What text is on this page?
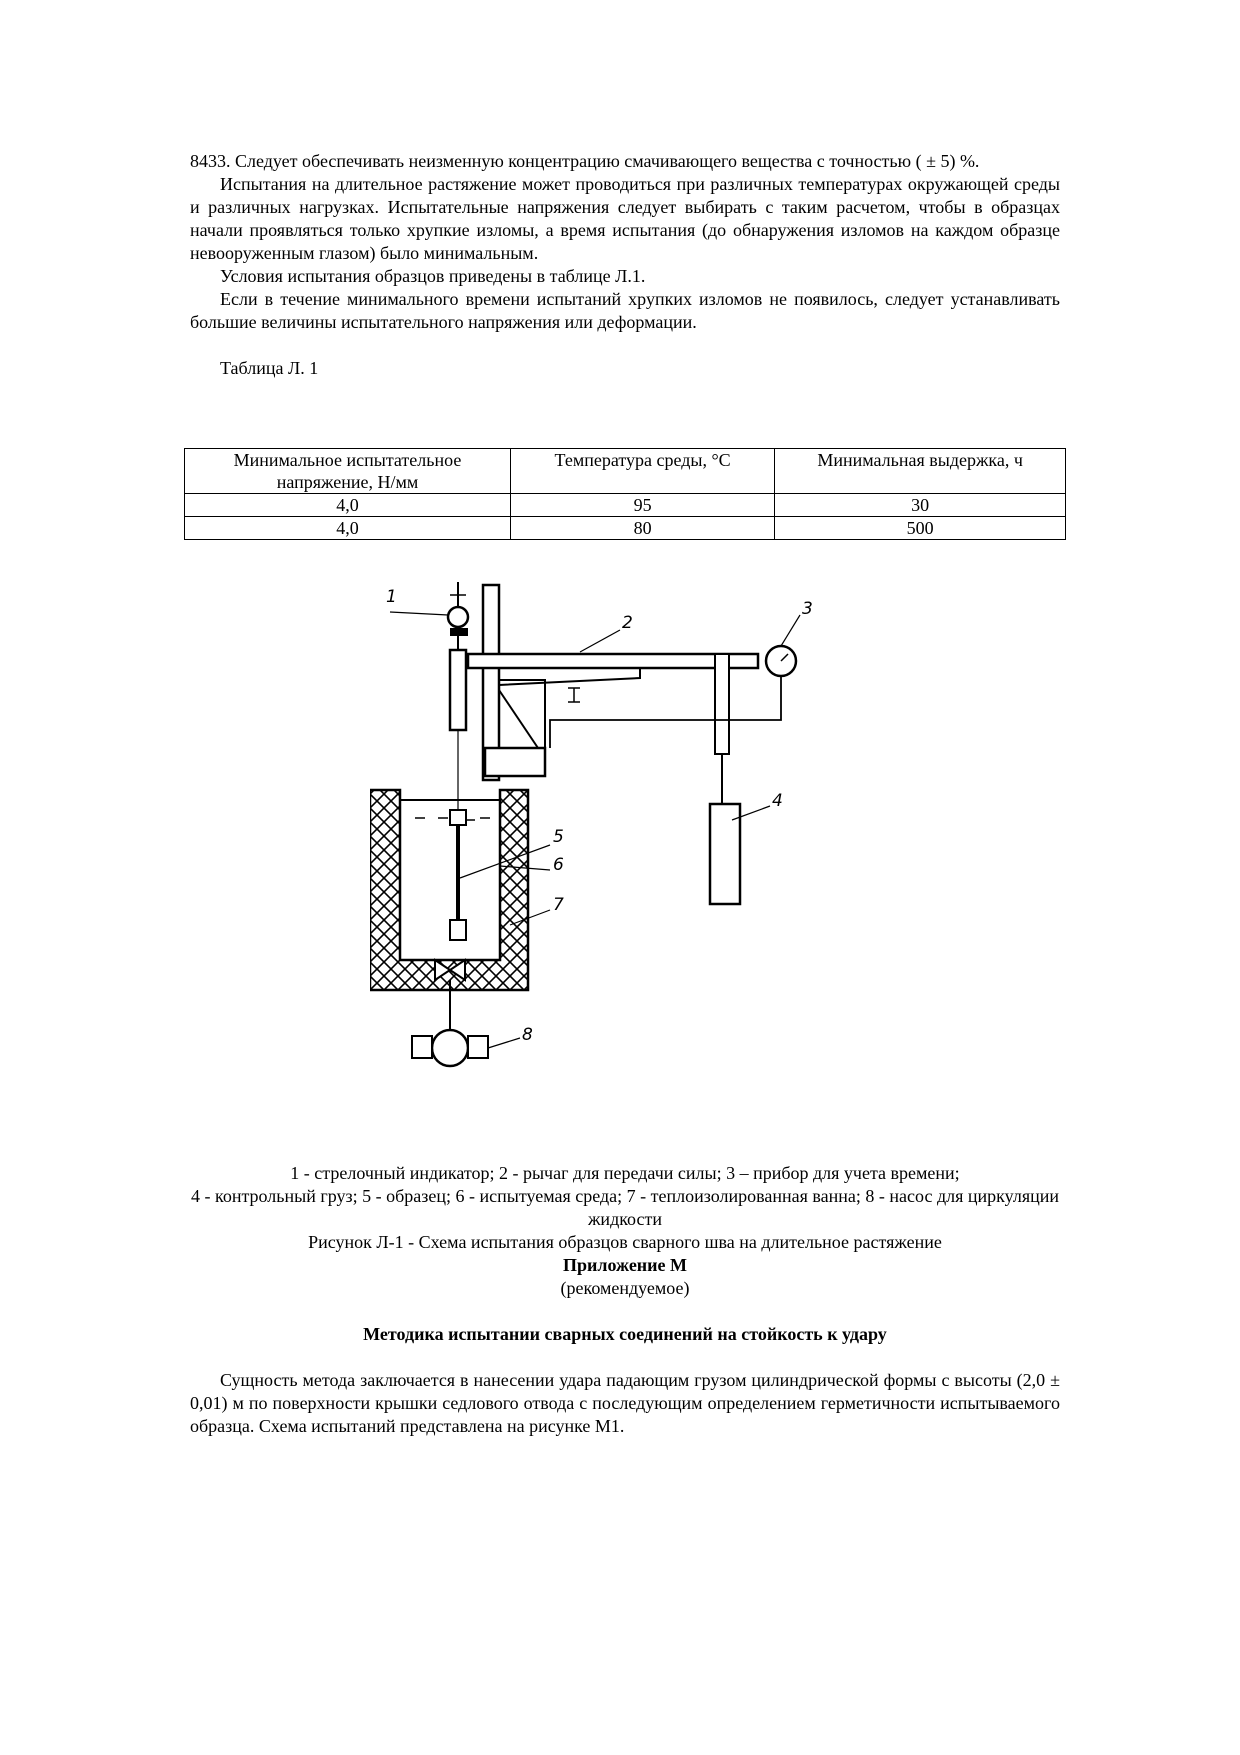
8433. Следует обеспечивать неизменную концентрацию смачивающего вещества с точностью ( ± 5) %.

Испытания на длительное растяжение может проводиться при различных температурах окружающей среды и различных нагрузках. Испытательные напряжения следует выбирать с таким расчетом, чтобы в образцах начали проявляться только хрупкие изломы, а время испытания (до обнаружения изломов на каждом образце невооруженным глазом) было минимальным.

Условия испытания образцов приведены в таблице Л.1.

Если в течение минимального времени испытаний хрупких изломов не появилось, следует устанавливать большие величины испытательного напряжения или деформации.

Таблица Л. 1

Минимальное испытательное напряжение, Н/мм	Температура среды, °С	Минимальная выдержка, ч
4,0	95	30
4,0	80	500
1
2
3
4
5
6
7
8

1 - стрелочный индикатор; 2 - рычаг для передачи силы; 3 – прибор для учета времени;

4 - контрольный груз; 5 - образец; 6 - испытуемая среда; 7 - теплоизолированная ванна; 8 - насос для циркуляции жидкости

Рисунок Л-1 - Схема испытания образцов сварного шва на длительное растяжение

Приложение М

(рекомендуемое)

Методика испытании сварных соединений на стойкость к удару

Сущность метода заключается в нанесении удара падающим грузом цилиндрической формы с высоты (2,0 ± 0,01) м по поверхности крышки седлового отвода с последующим определением герметичности испытываемого образца. Схема испытаний представлена на рисунке М1.
